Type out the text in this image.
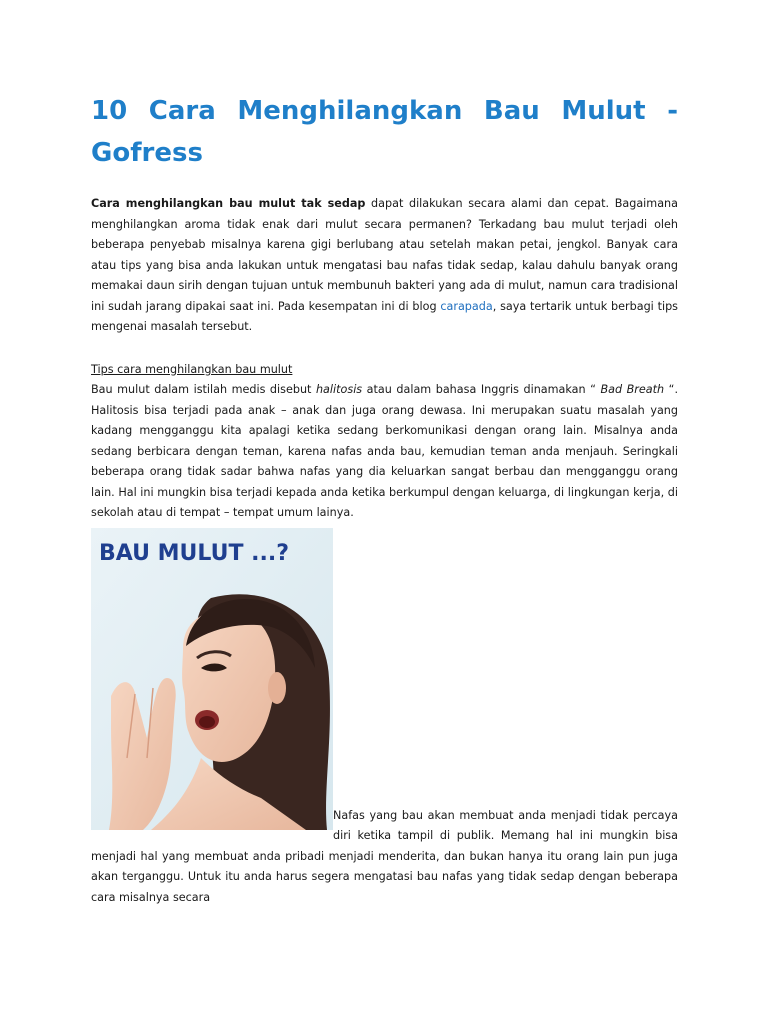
10 Cara Menghilangkan Bau Mulut - Gofress

Cara menghilangkan bau mulut tak sedap dapat dilakukan secara alami dan cepat. Bagaimana menghilangkan aroma tidak enak dari mulut secara permanen? Terkadang bau mulut terjadi oleh beberapa penyebab misalnya karena gigi berlubang atau setelah makan petai, jengkol. Banyak cara atau tips yang bisa anda lakukan untuk mengatasi bau nafas tidak sedap, kalau dahulu banyak orang memakai daun sirih dengan tujuan untuk membunuh bakteri yang ada di mulut, namun cara tradisional ini sudah jarang dipakai saat ini. Pada kesempatan ini di blog carapada, saya tertarik untuk berbagi tips mengenai masalah tersebut.

Tips cara menghilangkan bau mulut

Bau mulut dalam istilah medis disebut halitosis atau dalam bahasa Inggris dinamakan “ Bad Breath “. Halitosis bisa terjadi pada anak – anak dan juga orang dewasa. Ini merupakan suatu masalah yang kadang mengganggu kita apalagi ketika sedang berkomunikasi dengan orang lain. Misalnya anda sedang berbicara dengan teman, karena nafas anda bau, kemudian teman anda menjauh. Seringkali beberapa orang tidak sadar bahwa nafas yang dia keluarkan sangat berbau dan mengganggu orang lain. Hal ini mungkin bisa terjadi kepada anda ketika berkumpul dengan keluarga, di lingkungan kerja, di sekolah atau di tempat – tempat umum lainya.

BAU MULUT ...?

Nafas yang bau akan membuat anda menjadi tidak percaya diri ketika tampil di publik. Memang hal ini mungkin bisa menjadi hal yang membuat anda pribadi menjadi menderita, dan bukan hanya itu orang lain pun juga akan terganggu. Untuk itu anda harus segera mengatasi bau nafas yang tidak sedap dengan beberapa cara misalnya secara
